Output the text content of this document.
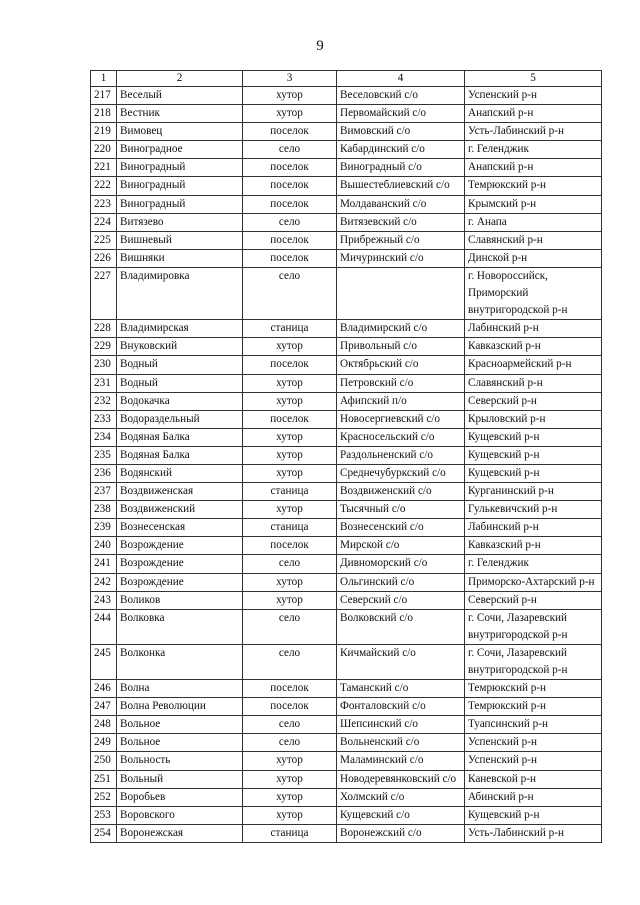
9
1	2	3	4	5
217	Веселый	хутор	Веселовский с/о	Успенский р-н
218	Вестник	хутор	Первомайский с/о	Анапский р-н
219	Вимовец	поселок	Вимовский с/о	Усть-Лабинский р-н
220	Виноградное	село	Кабардинский с/о	г. Геленджик
221	Виноградный	поселок	Виноградный с/о	Анапский р-н
222	Виноградный	поселок	Вышестеблиевский с/о	Темрюкский р-н
223	Виноградный	поселок	Молдаванский с/о	Крымский р-н
224	Витязево	село	Витязевский с/о	г. Анапа
225	Вишневый	поселок	Прибрежный с/о	Славянский р-н
226	Вишняки	поселок	Мичуринский с/о	Динской р-н
227	Владимировка	село		г. Новороссийск, Приморский внутригородской р-н
228	Владимирская	станица	Владимирский с/о	Лабинский р-н
229	Внуковский	хутор	Привольный с/о	Кавказский р-н
230	Водный	поселок	Октябрьский с/о	Красноармейский р-н
231	Водный	хутор	Петровский с/о	Славянский р-н
232	Водокачка	хутор	Афипский п/о	Северский р-н
233	Водораздельный	поселок	Новосергиевский с/о	Крыловский р-н
234	Водяная Балка	хутор	Красносельский с/о	Кущевский р-н
235	Водяная Балка	хутор	Раздольненский с/о	Кущевский р-н
236	Водянский	хутор	Среднечубуркский с/о	Кущевский р-н
237	Воздвиженская	станица	Воздвиженский с/о	Курганинский р-н
238	Воздвиженский	хутор	Тысячный с/о	Гулькевичский р-н
239	Вознесенская	станица	Вознесенский с/о	Лабинский р-н
240	Возрождение	поселок	Мирской с/о	Кавказский р-н
241	Возрождение	село	Дивноморский с/о	г. Геленджик
242	Возрождение	хутор	Ольгинский с/о	Приморско-Ахтарский р-н
243	Воликов	хутор	Северский с/о	Северский р-н
244	Волковка	село	Волковский с/о	г. Сочи, Лазаревский внутригородской р-н
245	Волконка	село	Кичмайский с/о	г. Сочи, Лазаревский внутригородской р-н
246	Волна	поселок	Таманский с/о	Темрюкский р-н
247	Волна Революции	поселок	Фонталовский с/о	Темрюкский р-н
248	Вольное	село	Шепсинский с/о	Туапсинский р-н
249	Вольное	село	Вольненский с/о	Успенский р-н
250	Вольность	хутор	Маламинский с/о	Успенский р-н
251	Вольный	хутор	Новодеревянковский с/о	Каневской р-н
252	Воробьев	хутор	Холмский с/о	Абинский р-н
253	Воровского	хутор	Кущевский с/о	Кущевский р-н
254	Воронежская	станица	Воронежский с/о	Усть-Лабинский р-н
